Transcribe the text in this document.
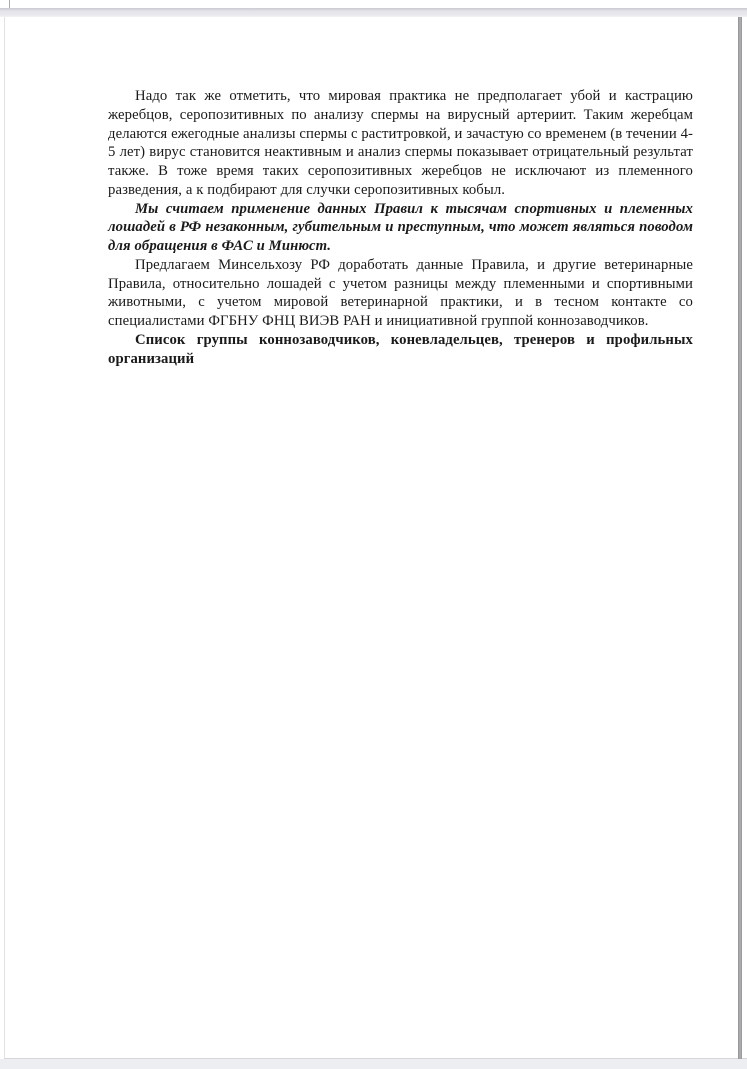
Надо так же отметить, что мировая практика не предполагает убой и кастрацию жеребцов, серопозитивных по анализу спермы на вирусный артериит. Таким жеребцам делаются ежегодные анализы спермы с раститровкой, и зачастую со временем (в течении 4-5 лет) вирус становится неактивным и анализ спермы показывает отрицательный результат также. В тоже время таких серопозитивных жеребцов не исключают из племенного разведения, а к подбирают для случки серопозитивных кобыл.

Мы считаем применение данных Правил к тысячам спортивных и племенных лошадей в РФ незаконным, губительным и преступным, что может являться поводом для обращения в ФАС и Минюст.

Предлагаем Минсельхозу РФ доработать данные Правила, и другие ветеринарные Правила, относительно лошадей с учетом разницы между племенными и спортивными животными, с учетом мировой ветеринарной практики, и в тесном контакте со специалистами ФГБНУ ФНЦ ВИЭВ РАН и инициативной группой коннозаводчиков.

Список группы коннозаводчиков, коневладельцев, тренеров и профильных организаций
